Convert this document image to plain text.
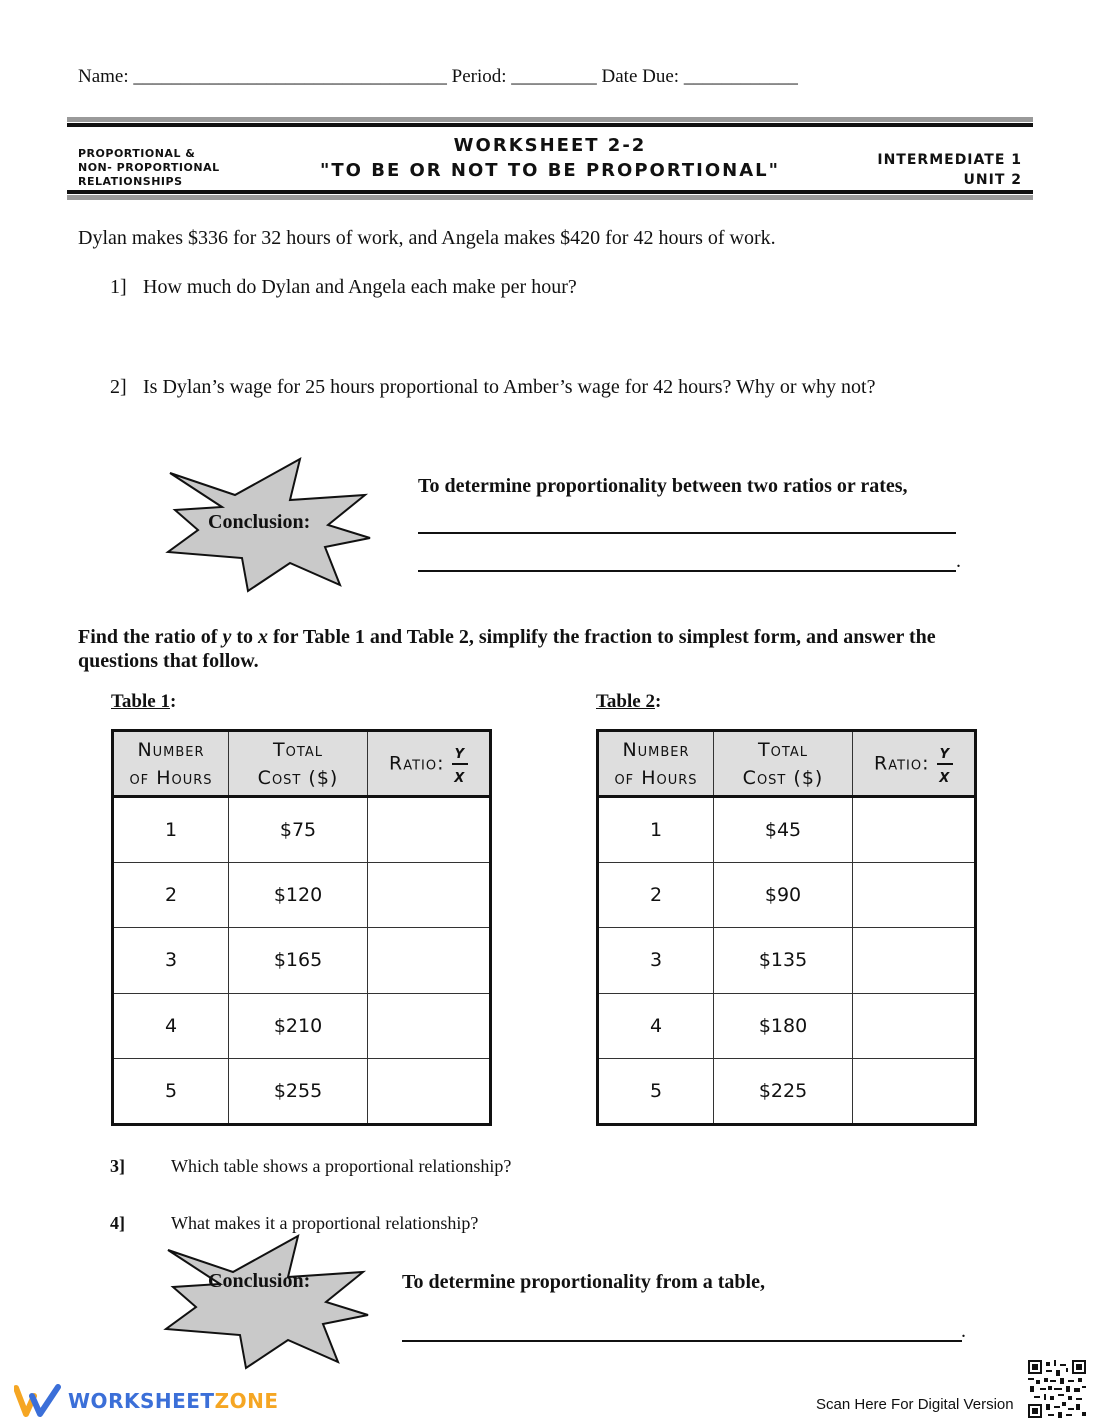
Name: _________________________________ Period: _________ Date Due: ____________
PROPORTIONAL &
NON- PROPORTIONAL
RELATIONSHIPS
WORKSHEET 2-2
"TO BE OR NOT TO BE PROPORTIONAL"	INTERMEDIATE 1
UNIT 2
Dylan makes $336 for 32 hours of work, and Angela makes $420 for 42 hours of work.
1] How much do Dylan and Angela each make per hour?
2] Is Dylan’s wage for 25 hours proportional to Amber’s wage for 42 hours? Why or why not?
Conclusion:
To determine proportionality between two ratios or rates,
.
Find the ratio of y to x for Table 1 and Table 2, simplify the fraction to simplest form, and answer the
questions that follow.
Table 1:	Table 2:
Number
of Hours	Total
Cost ($)	Ratio: $\frac{y}{x}$

1	$75	
2	$120	
3	$165	
4	$210	
5	$255	
Number
of Hours	Total
Cost ($)	Ratio: $\frac{y}{x}$

1	$45	
2	$90	
3	$135	
4	$180	
5	$225	
3]	Which table shows a proportional relationship?
4]	What makes it a proportional relationship?
Conclusion:	To determine proportionality from a table,
.
WORKSHEET ZONE	Scan Here For Digital Version
